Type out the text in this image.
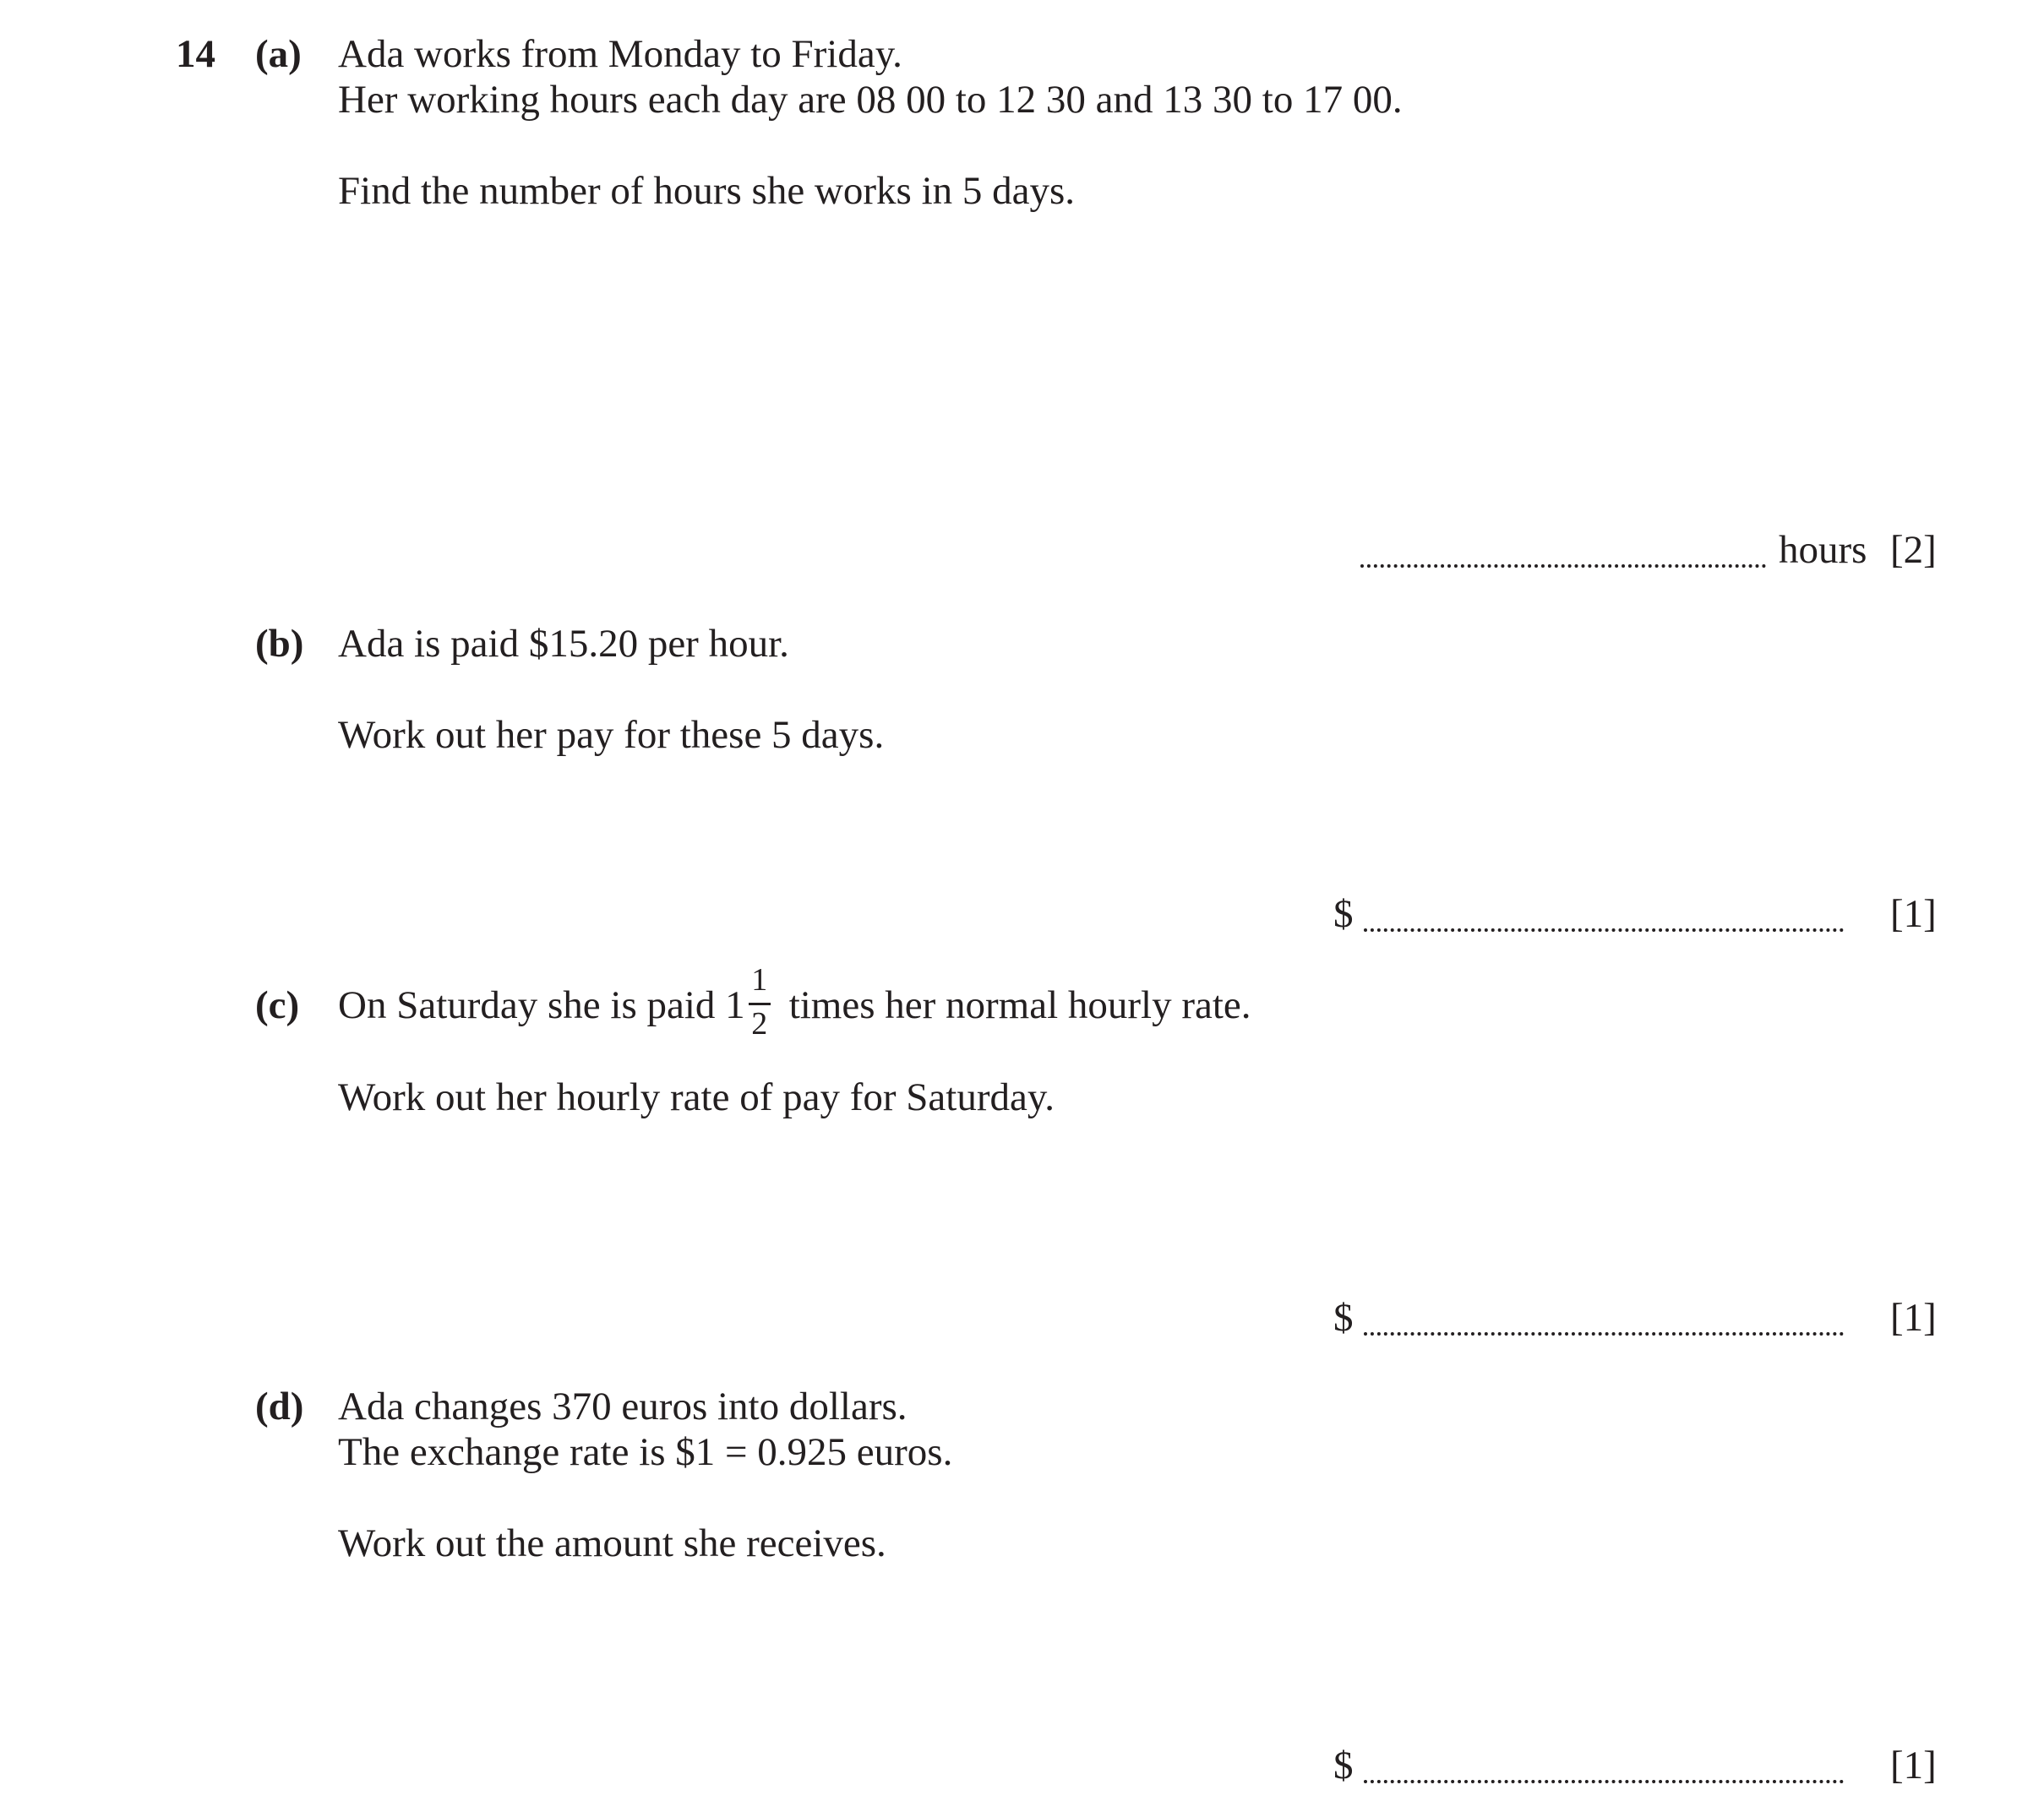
14 (a) Ada works from Monday to Friday.
Her working hours each day are 08 00 to 12 30 and 13 30 to 17 00.
Find the number of hours she works in 5 days.
hours [2]
(b) Ada is paid $15.20 per hour.
Work out her pay for these 5 days.
$	[1]
(c) On Saturday she is paid $1 \frac{1}{2}$ times her normal hourly rate.
Work out her hourly rate of pay for Saturday.
$	[1]
(d) Ada changes 370 euros into dollars.
The exchange rate is $1 = 0.925 euros.
Work out the amount she receives.
$	[1]
